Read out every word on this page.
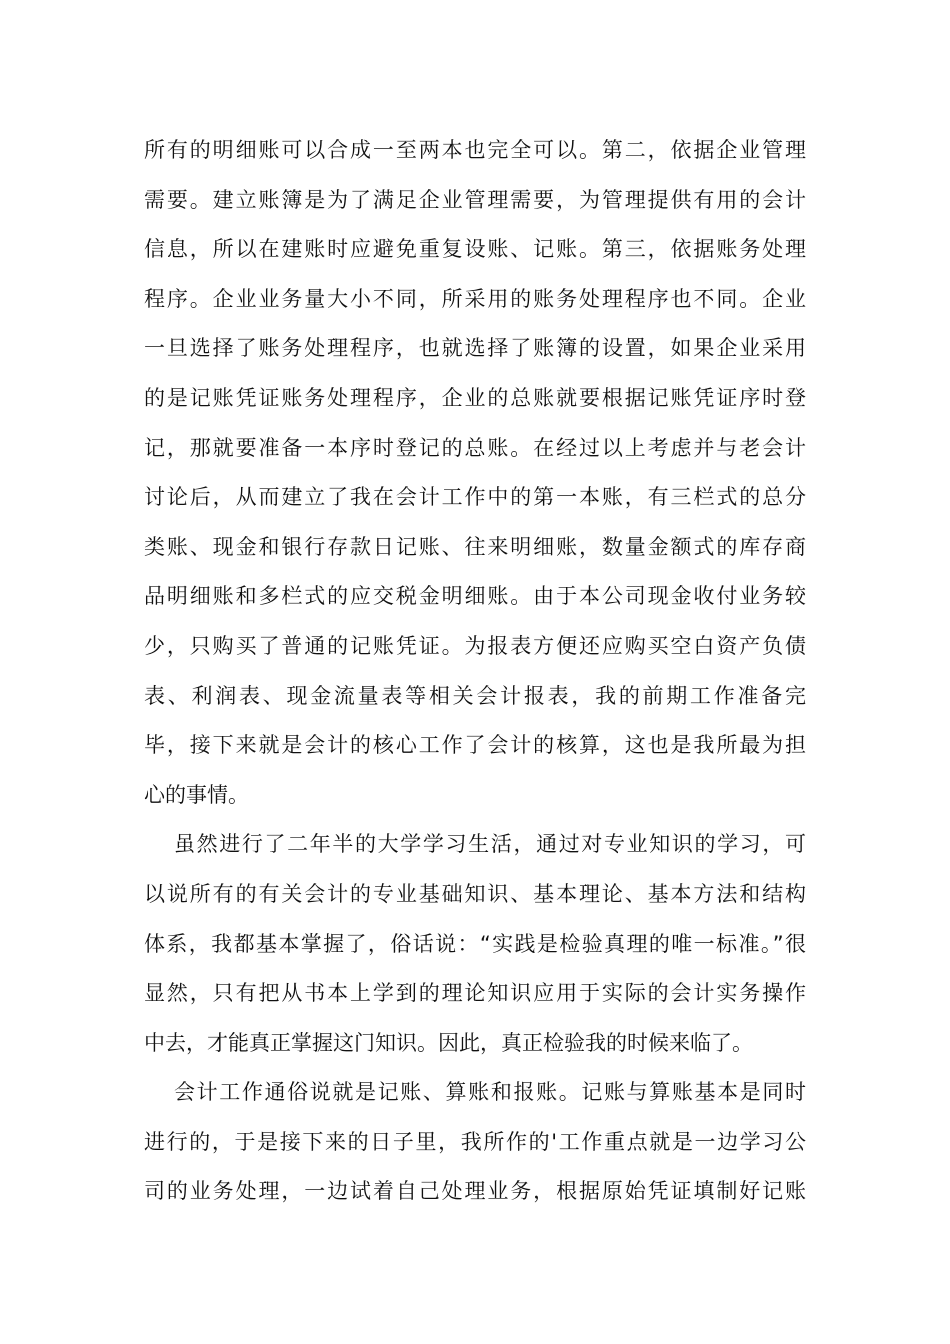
所有的明细账可以合成一至两本也完全可以。第二，依据企业管理
需要。建立账簿是为了满足企业管理需要，为管理提供有用的会计
信息，所以在建账时应避免重复设账、记账。第三，依据账务处理
程序。企业业务量大小不同，所采用的账务处理程序也不同。企业
一旦选择了账务处理程序，也就选择了账簿的设置，如果企业采用
的是记账凭证账务处理程序，企业的总账就要根据记账凭证序时登
记，那就要准备一本序时登记的总账。在经过以上考虑并与老会计
讨论后，从而建立了我在会计工作中的第一本账，有三栏式的总分
类账、现金和银行存款日记账、往来明细账，数量金额式的库存商
品明细账和多栏式的应交税金明细账。由于本公司现金收付业务较
少，只购买了普通的记账凭证。为报表方便还应购买空白资产负债
表、利润表、现金流量表等相关会计报表，我的前期工作准备完
毕，接下来就是会计的核心工作了会计的核算，这也是我所最为担
心的事情。
虽然进行了二年半的大学学习生活，通过对专业知识的学习，可
以说所有的有关会计的专业基础知识、基本理论、基本方法和结构
体系，我都基本掌握了，俗话说：“实践是检验真理的唯一标准。”很
显然，只有把从书本上学到的理论知识应用于实际的会计实务操作
中去，才能真正掌握这门知识。因此，真正检验我的时候来临了。
会计工作通俗说就是记账、算账和报账。记账与算账基本是同时
进行的，于是接下来的日子里，我所作的'工作重点就是一边学习公
司的业务处理，一边试着自己处理业务，根据原始凭证填制好记账
